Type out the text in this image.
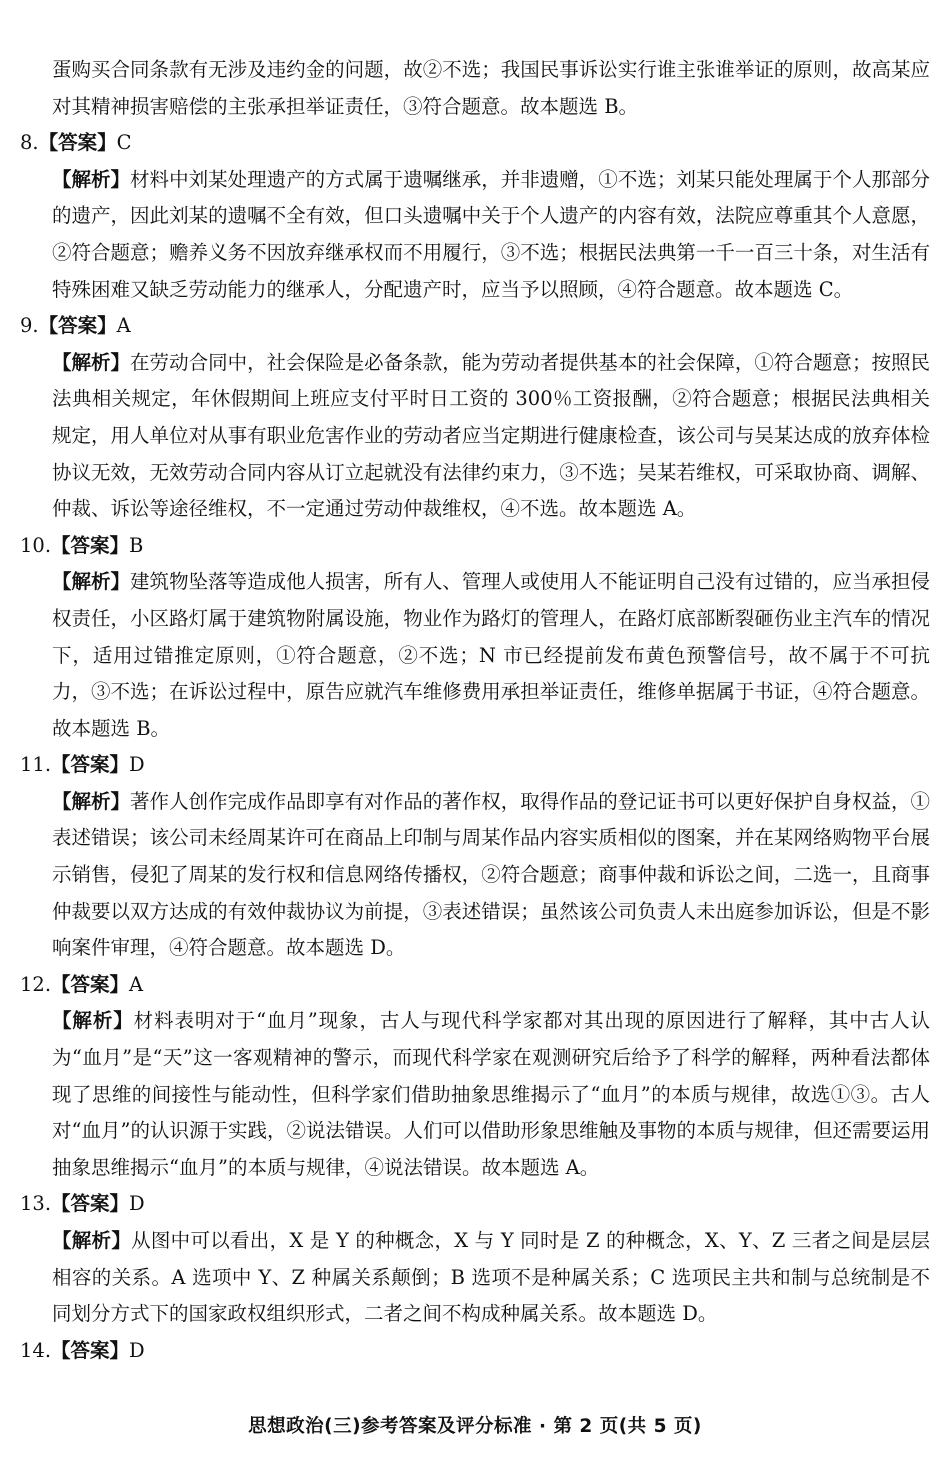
蛋购买合同条款有无涉及违约金的问题，故②不选；我国民事诉讼实行谁主张谁举证的原则，故高某应对其精神损害赔偿的主张承担举证责任，③符合题意。故本题选 B。

8.【答案】C

【解析】材料中刘某处理遗产的方式属于遗嘱继承，并非遗赠，①不选；刘某只能处理属于个人那部分的遗产，因此刘某的遗嘱不全有效，但口头遗嘱中关于个人遗产的内容有效，法院应尊重其个人意愿，②符合题意；赡养义务不因放弃继承权而不用履行，③不选；根据民法典第一千一百三十条，对生活有特殊困难又缺乏劳动能力的继承人，分配遗产时，应当予以照顾，④符合题意。故本题选 C。

9.【答案】A

【解析】在劳动合同中，社会保险是必备条款，能为劳动者提供基本的社会保障，①符合题意；按照民法典相关规定，年休假期间上班应支付平时日工资的 300％工资报酬，②符合题意；根据民法典相关规定，用人单位对从事有职业危害作业的劳动者应当定期进行健康检查，该公司与吴某达成的放弃体检协议无效，无效劳动合同内容从订立起就没有法律约束力，③不选；吴某若维权，可采取协商、调解、仲裁、诉讼等途径维权，不一定通过劳动仲裁维权，④不选。故本题选 A。

10.【答案】B

【解析】建筑物坠落等造成他人损害，所有人、管理人或使用人不能证明自己没有过错的，应当承担侵权责任，小区路灯属于建筑物附属设施，物业作为路灯的管理人，在路灯底部断裂砸伤业主汽车的情况下，适用过错推定原则，①符合题意，②不选；N 市已经提前发布黄色预警信号，故不属于不可抗力，③不选；在诉讼过程中，原告应就汽车维修费用承担举证责任，维修单据属于书证，④符合题意。故本题选 B。

11.【答案】D

【解析】著作人创作完成作品即享有对作品的著作权，取得作品的登记证书可以更好保护自身权益，①表述错误；该公司未经周某许可在商品上印制与周某作品内容实质相似的图案，并在某网络购物平台展示销售，侵犯了周某的发行权和信息网络传播权，②符合题意；商事仲裁和诉讼之间，二选一，且商事仲裁要以双方达成的有效仲裁协议为前提，③表述错误；虽然该公司负责人未出庭参加诉讼，但是不影响案件审理，④符合题意。故本题选 D。

12.【答案】A

【解析】材料表明对于“血月”现象，古人与现代科学家都对其出现的原因进行了解释，其中古人认为“血月”是“天”这一客观精神的警示，而现代科学家在观测研究后给予了科学的解释，两种看法都体现了思维的间接性与能动性，但科学家们借助抽象思维揭示了“血月”的本质与规律，故选①③。古人对“血月”的认识源于实践，②说法错误。人们可以借助形象思维触及事物的本质与规律，但还需要运用抽象思维揭示“血月”的本质与规律，④说法错误。故本题选 A。

13.【答案】D

【解析】从图中可以看出，X 是 Y 的种概念，X 与 Y 同时是 Z 的种概念，X、Y、Z 三者之间是层层相容的关系。A 选项中 Y、Z 种属关系颠倒；B 选项不是种属关系；C 选项民主共和制与总统制是不同划分方式下的国家政权组织形式，二者之间不构成种属关系。故本题选 D。

14.【答案】D

思想政治(三)参考答案及评分标准 · 第 2 页(共 5 页)
